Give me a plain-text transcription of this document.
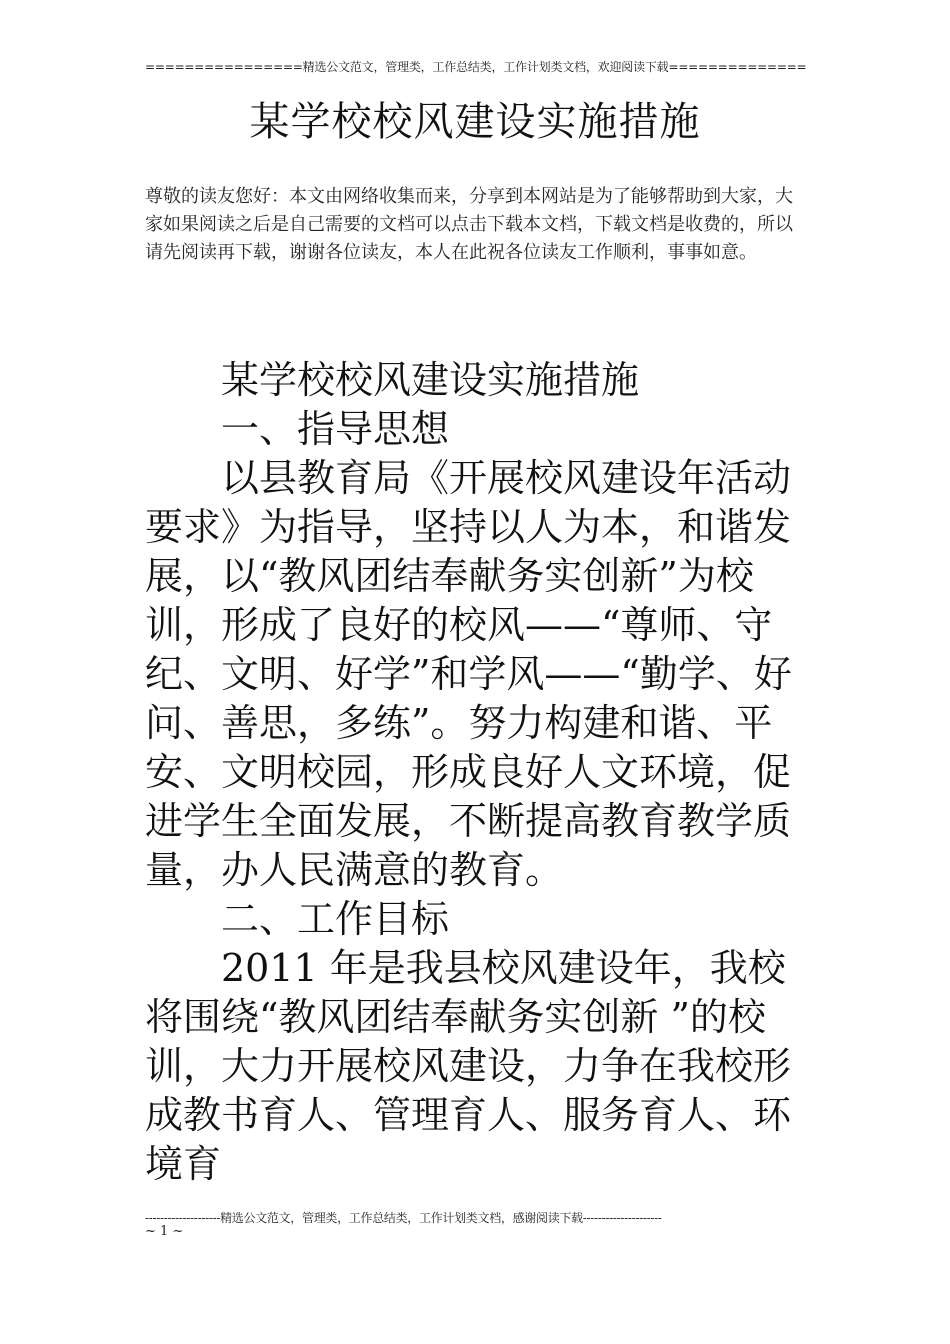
================精选公文范文，管理类，工作总结类，工作计划类文档，欢迎阅读下载==============
某学校校风建设实施措施

尊敬的读友您好：本文由网络收集而来，分享到本网站是为了能够帮助到大家，大家如果阅读之后是自己需要的文档可以点击下载本文档，下载文档是收费的，所以请先阅读再下载，谢谢各位读友，本人在此祝各位读友工作顺利，事事如意。

某学校校风建设实施措施

一、指导思想

以县教育局《开展校风建设年活动要求》为指导，坚持以人为本，和谐发展，以“教风团结奉献务实创新”为校训，形成了良好的校风——“尊师、守纪、文明、好学”和学风——“勤学、好问、善思，多练”。努力构建和谐、平安、文明校园，形成良好人文环境，促进学生全面发展，不断提高教育教学质量，办人民满意的教育。

二、工作目标

2011 年是我县校风建设年，我校将围绕“教风团结奉献务实创新 ”的校训，大力开展校风建设，力争在我校形成教书育人、管理育人、服务育人、环境育

--------------------精选公文范文，管理类，工作总结类，工作计划类文档，感谢阅读下载---------------------
~ 1 ~
